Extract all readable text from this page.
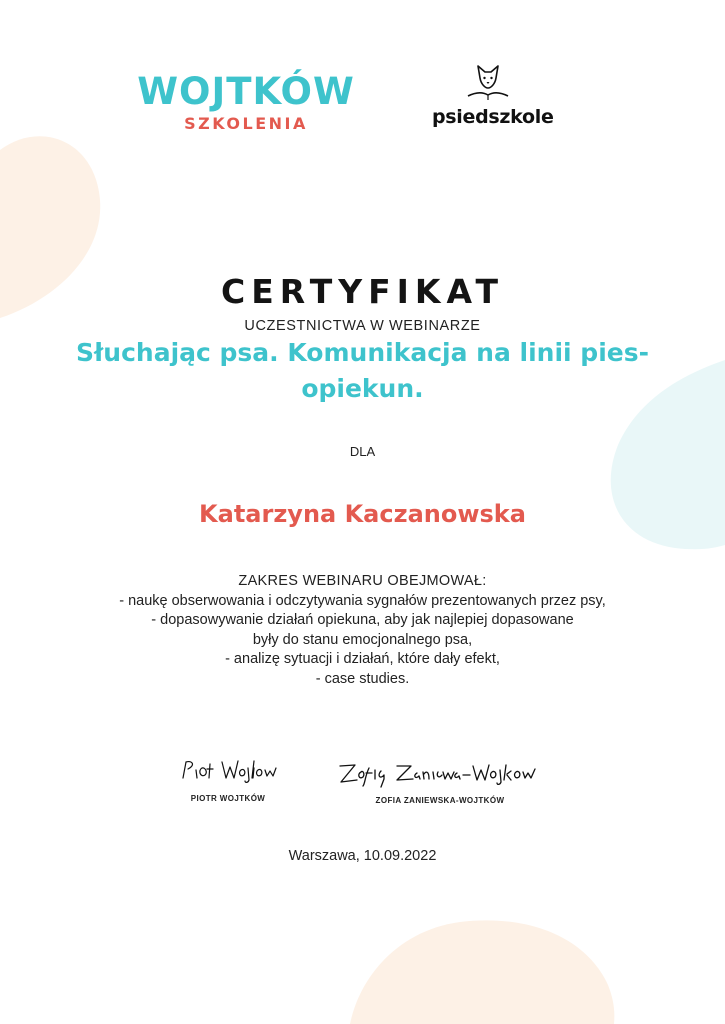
WOJTKÓW
SZKOLENIA	psiedszkole
CERTYFIKAT
UCZESTNICTWA W WEBINARZE
Słuchając psa. Komunikacja na linii pies-opiekun.
DLA
Katarzyna Kaczanowska
ZAKRES WEBINARU OBEJMOWAŁ:
- naukę obserwowania i odczytywania sygnałów prezentowanych przez psy,
- dopasowywanie działań opiekuna, aby jak najlepiej dopasowane były do stanu emocjonalnego psa,
- analizę sytuacji i działań, które dały efekt,
- case studies.
PIOTR WOJTKÓW	ZOFIA ZANIEWSKA-WOJTKÓW
Warszawa, 10.09.2022
